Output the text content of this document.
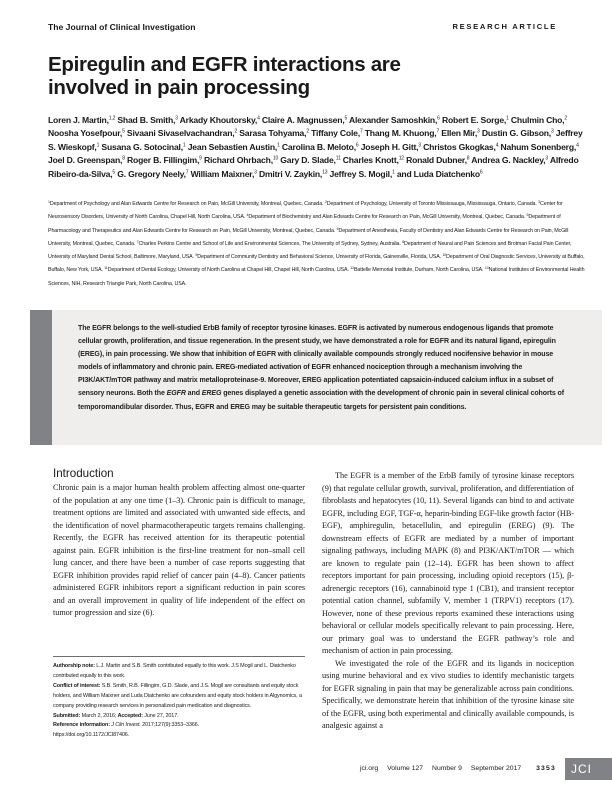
The Journal of Clinical Investigation	RESEARCH ARTICLE
Epiregulin and EGFR interactions are involved in pain processing
Loren J. Martin,$^{1,2}$ Shad B. Smith,$^3$ Arkady Khoutorsky,$^4$ Claire A. Magnussen,$^5$ Alexander Samoshkin,$^6$ Robert E. Sorge,$^1$ Chulmin Cho,$^2$ Noosha Yosefpour,$^5$ Sivaani Sivaselvachandran,$^2$ Sarasa Tohyama,$^2$ Tiffany Cole,$^7$ Thang M. Khuong,$^7$ Ellen Mir,$^3$ Dustin G. Gibson,$^3$ Jeffrey S. Wieskopf,$^1$ Susana G. Sotocinal,$^1$ Jean Sebastien Austin,$^1$ Carolina B. Meloto,$^6$ Joseph H. Gitt,$^3$ Christos Gkogkas,$^4$ Nahum Sonenberg,$^4$ Joel D. Greenspan,$^8$ Roger B. Fillingim,$^9$ Richard Ohrbach,$^{10}$ Gary D. Slade,$^{11}$ Charles Knott,$^{12}$ Ronald Dubner,$^8$ Andrea G. Nackley,$^3$ Alfredo Ribeiro-da-Silva,$^5$ G. Gregory Neely,$^7$ William Maixner,$^3$ Dmitri V. Zaykin,$^{13}$ Jeffrey S. Mogil,$^1$ and Luda Diatchenko$^6$
$^1$Department of Psychology and Alan Edwards Centre for Research on Pain, McGill University, Montreal, Quebec, Canada. $^2$Department of Psychology, University of Toronto Mississauga, Mississauga, Ontario, Canada. $^3$Center for Neurosensory Disorders, University of North Carolina, Chapel Hill, North Carolina, USA. $^4$Department of Biochemistry and Alan Edwards Centre for Research on Pain, McGill University, Montreal, Quebec, Canada. $^5$Department of Pharmacology and Therapeutics and Alan Edwards Centre for Research on Pain, McGill University, Montreal, Quebec, Canada. $^6$Department of Anesthesia, Faculty of Dentistry and Alan Edwards Centre for Research on Pain, McGill University, Montreal, Quebec, Canada. $^7$Charles Perkins Centre and School of Life and Environmental Sciences, The University of Sydney, Sydney, Australia. $^8$Department of Neural and Pain Sciences and Brotman Facial Pain Center, University of Maryland Dental School, Baltimore, Maryland, USA. $^9$Department of Community Dentistry and Behavioral Science, University of Florida, Gainesville, Florida, USA. $^{10}$Department of Oral Diagnostic Services, University at Buffalo, Buffalo, New York, USA. $^{11}$Department of Dental Ecology, University of North Carolina at Chapel Hill, Chapel Hill, North Carolina, USA. $^{12}$Battelle Memorial Institute, Durham, North Carolina, USA. $^{13}$National Institutes of Environmental Health Sciences, NIH, Research Triangle Park, North Carolina, USA.
The EGFR belongs to the well-studied ErbB family of receptor tyrosine kinases. EGFR is activated by numerous endogenous ligands that promote cellular growth, proliferation, and tissue regeneration. In the present study, we have demonstrated a role for EGFR and its natural ligand, epiregulin (EREG), in pain processing. We show that inhibition of EGFR with clinically available compounds strongly reduced nocifensive behavior in mouse models of inflammatory and chronic pain. EREG-mediated activation of EGFR enhanced nociception through a mechanism involving the PI3K/AKT/mTOR pathway and matrix metalloproteinase-9. Moreover, EREG application potentiated capsaicin-induced calcium influx in a subset of sensory neurons. Both the EGFR and EREG genes displayed a genetic association with the development of chronic pain in several clinical cohorts of temporomandibular disorder. Thus, EGFR and EREG may be suitable therapeutic targets for persistent pain conditions.
Introduction
Chronic pain is a major human health problem affecting almost one-quarter of the population at any one time (1–3). Chronic pain is difficult to manage, treatment options are limited and associated with unwanted side effects, and the identification of novel pharmacotherapeutic targets remains challenging. Recently, the EGFR has received attention for its therapeutic potential against pain. EGFR inhibition is the first-line treatment for non–small cell lung cancer, and there have been a number of case reports suggesting that EGFR inhibition provides rapid relief of cancer pain (4–8). Cancer patients administered EGFR inhibitors report a significant reduction in pain scores and an overall improvement in quality of life independent of the effect on tumor progression and size (6).
Authorship note: L.J. Martin and S.B. Smith contributed equally to this work. J.S Mogil and L. Diatchenko contributed equally to this work.
Conflict of interest: S.B. Smith, R.B. Fillingim, G.D. Slade, and J.S. Mogil are consultants and equity stock holders, and William Maixner and Luda Diatchenko are cofounders and equity stock holders in Algynomics, a company providing research services in personalized pain medication and diagnostics.
Submitted: March 2, 2016; Accepted: June 27, 2017.
Reference information: J Clin Invest. 2017;127(9):3353–3366.
https://doi.org/10.1172/JCI87406.

The EGFR is a member of the ErbB family of tyrosine kinase receptors (9) that regulate cellular growth, survival, proliferation, and differentiation of fibroblasts and hepatocytes (10, 11). Several ligands can bind to and activate EGFR, including EGF, TGF-α, heparin-binding EGF-like growth factor (HB-EGF), amphiregulin, betacellulin, and epiregulin (EREG) (9). The downstream effects of EGFR are mediated by a number of important signaling pathways, including MAPK (8) and PI3K/AKT/mTOR — which are known to regulate pain (12–14). EGFR has been shown to affect receptors important for pain processing, including opioid receptors (15), β-adrenergic receptors (16), cannabinoid type 1 (CB1), and transient receptor potential cation channel, subfamily V, member 1 (TRPV1) receptors (17). However, none of these previous reports examined these interactions using behavioral or cellular models specifically relevant to pain processing. Here, our primary goal was to understand the EGFR pathway’s role and mechanism of action in pain processing.

We investigated the role of the EGFR and its ligands in nociception using murine behavioral and ex vivo studies to identify mechanistic targets for EGFR signaling in pain that may be generalizable across pain conditions. Specifically, we demonstrate herein that inhibition of the tyrosine kinase site of the EGFR, using both experimental and clinically available compounds, is analgesic against a

jci.org Volume 127 Number 9 September 2017 3353	JCI
